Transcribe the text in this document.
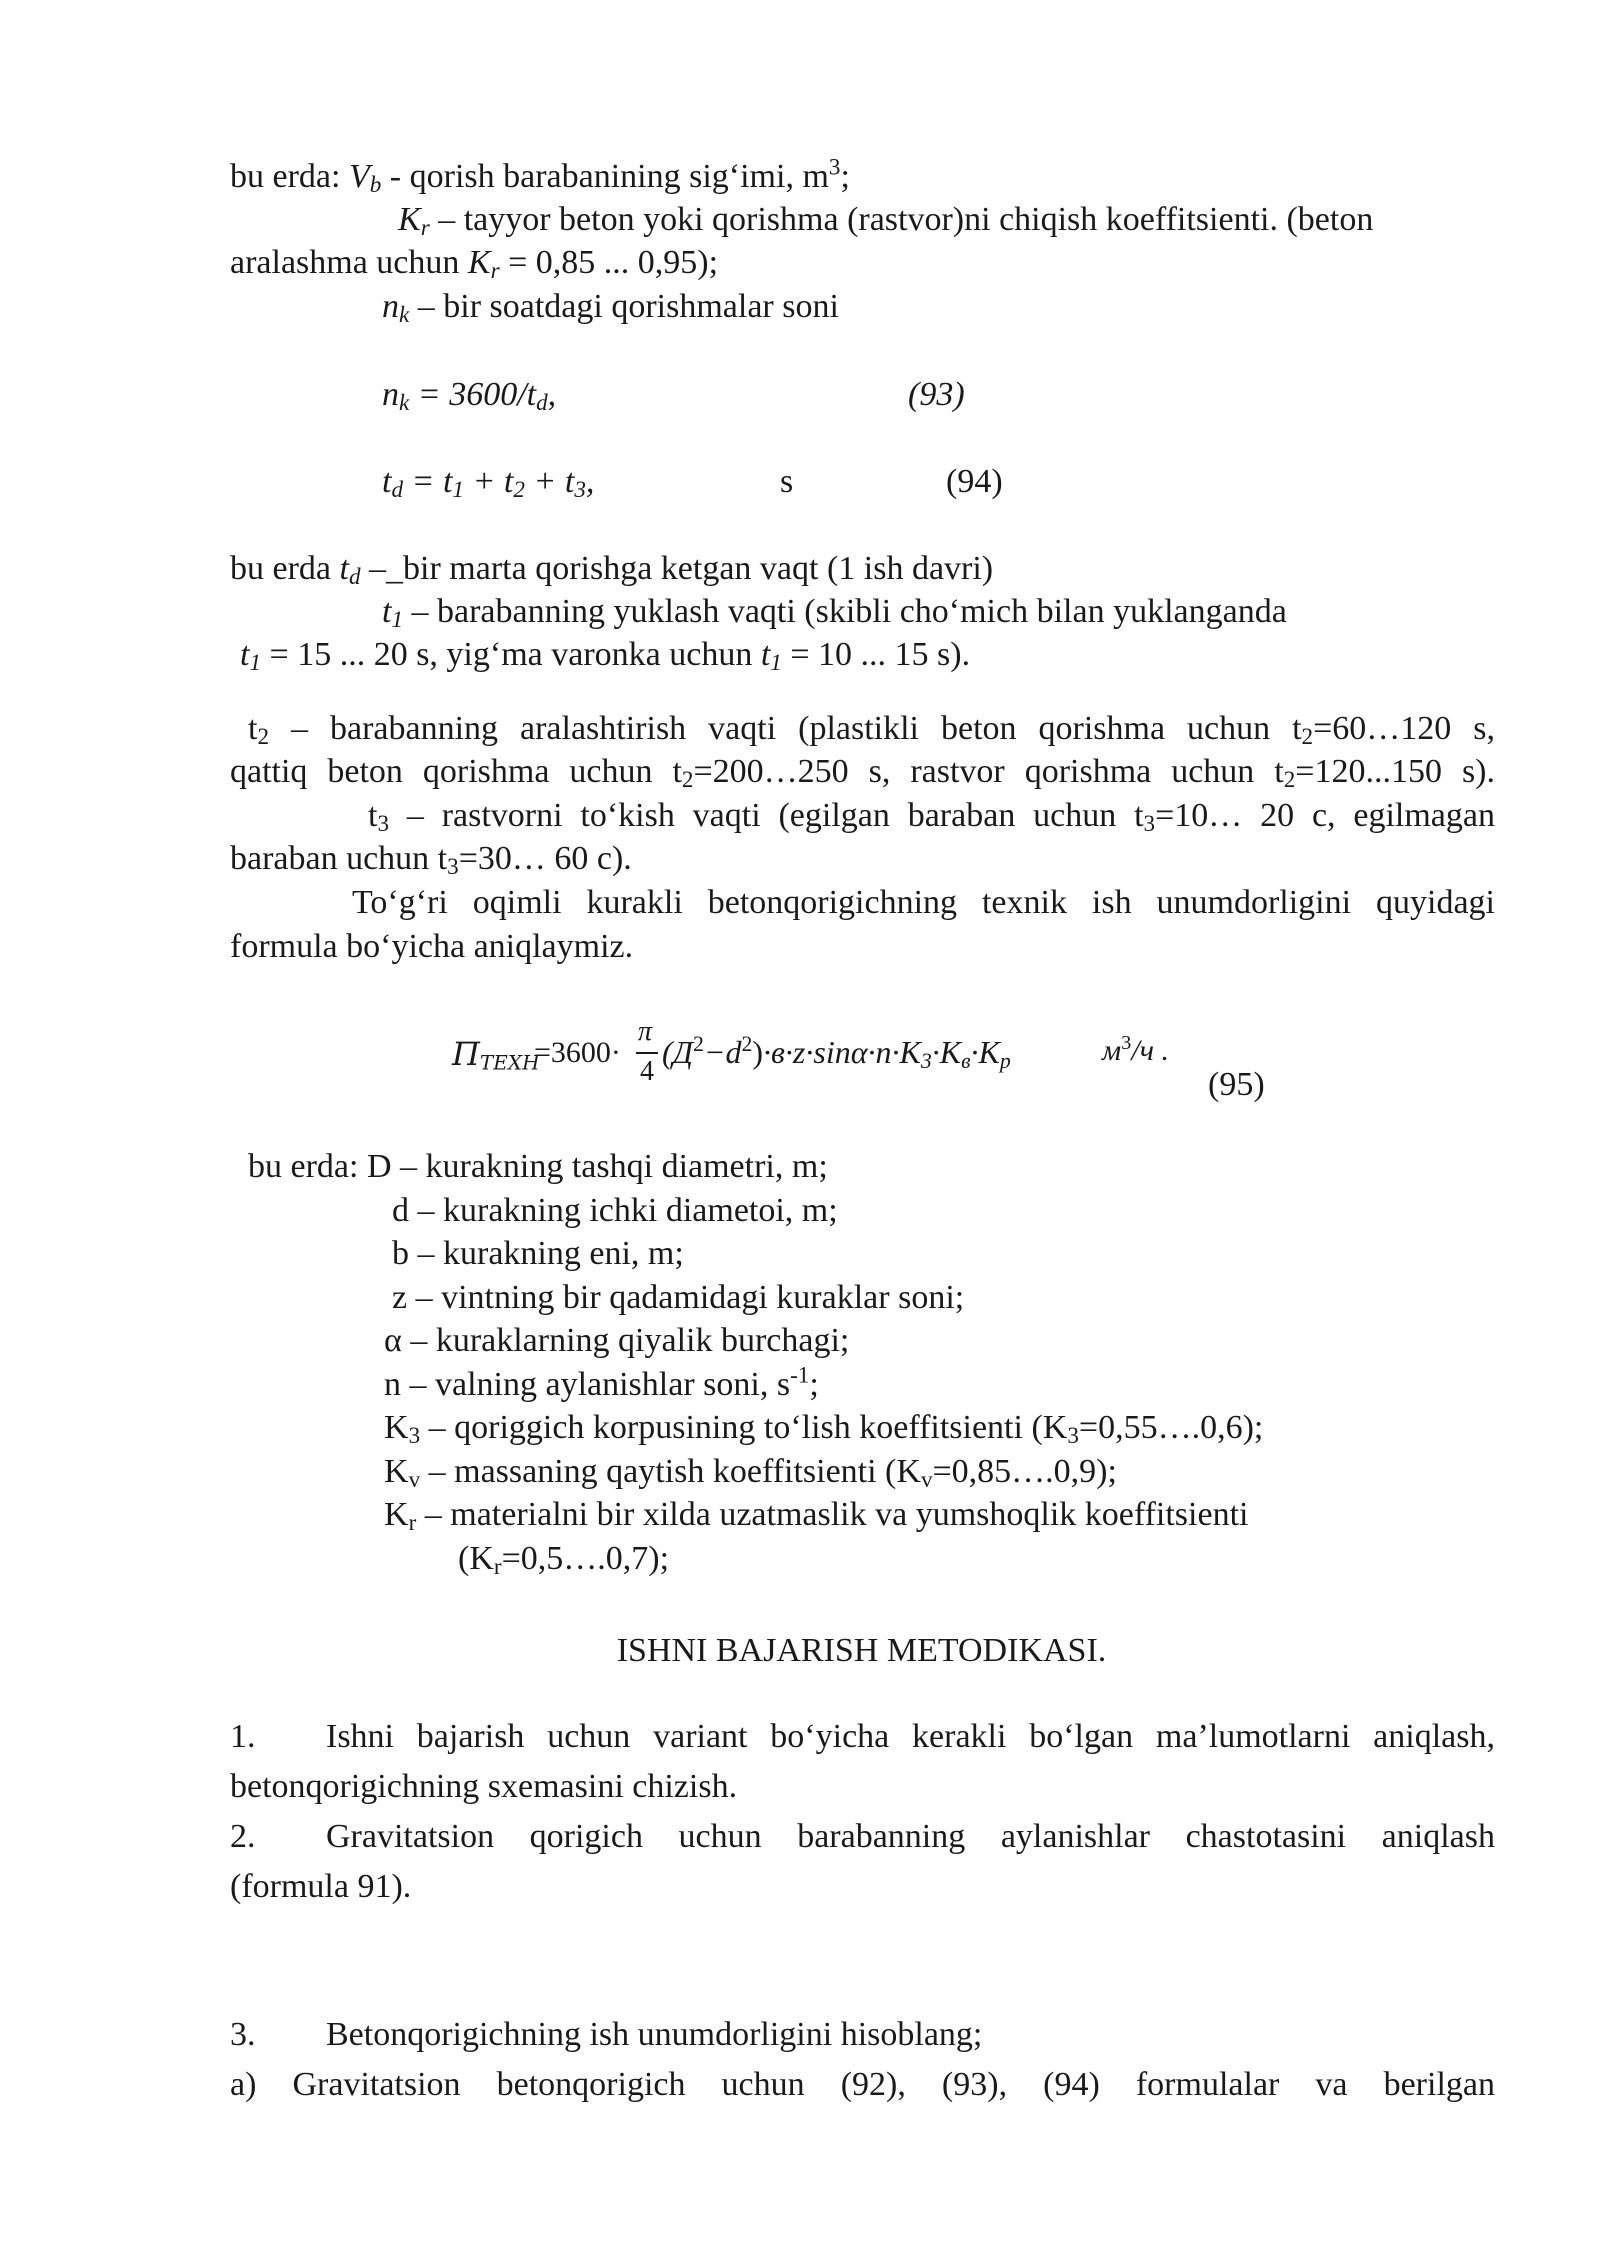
bu erda: $V_b$ - qorish barabanining sig‘imi, $m^3$;
$K_r$ – tayyor beton yoki qorishma (rastvor)ni chiqish koeffitsienti. (beton
aralashma uchun $K_r = 0,85$ ... 0,95);
$n_k$ – bir soatdagi qorishmalar soni
$n_k = 3600/t_d$,	(93)
$t_d = t_1 + t_2 + t_3$,	s	(94)
bu erda $t_d$ –_bir marta qorishga ketgan vaqt (1 ish davri)
$t_1$ – barabanning yuklash vaqti (skibli cho‘mich bilan yuklanganda
$t_1 = 15$ ... 20 s, yig‘ma varonka uchun $t_1 = 10$ ... 15 s).
$t_2$ – barabanning aralashtirish vaqti (plastikli beton qorishma uchun $t_2=60\dots 120$ s,
qattiq beton qorishma uchun $t_2=200\dots 250$ s, rastvor qorishma uchun $t_2=120...150$ s).
$t_3$ – rastvorni to‘kish vaqti (egilgan baraban uchun $t_3=10\dots$ 20 c, egilmagan
baraban uchun $t_3=30\dots$ 60 c).
To‘g‘ri oqimli kurakli betonqorigichning texnik ish unumdorligini quyidagi
formula bo‘yicha aniqlaymiz.
$П_{ТЕХН}$
=3600·
π
4
$(Д^2-d^2)\cdot в\cdot z\cdot\sin\alpha\cdot n\cdot K_3\cdot K_в\cdot K_р$	$м^3/ч$ .
(95)
bu erda: D – kurakning tashqi diametri, m;
d – kurakning ichki diametoi, m;
b – kurakning eni, m;
z – vintning bir qadamidagi kuraklar soni;
α – kuraklarning qiyalik burchagi;
n – valning aylanishlar soni, $s^{-1}$;
$K_3$ – qoriggich korpusining to‘lish koeffitsienti $(K_3=0,55\dots.0,6)$;
$K_v$ – massaning qaytish koeffitsienti $(K_v=0,85\dots.0,9)$;
$K_r$ – materialni bir xilda uzatmaslik va yumshoqlik koeffitsienti
$(K_r=0,5\dots.0,7)$;
ISHNI BAJARISH METODIKASI.
1. Ishni bajarish uchun variant bo‘yicha kerakli bo‘lgan ma’lumotlarni aniqlash,
betonqorigichning sxemasini chizish.
2. Gravitatsion qorigich uchun barabanning aylanishlar chastotasini aniqlash
(formula 91).
3. Betonqorigichning ish unumdorligini hisoblang;
a) Gravitatsion betonqorigich uchun (92), (93), (94) formulalar va berilgan
